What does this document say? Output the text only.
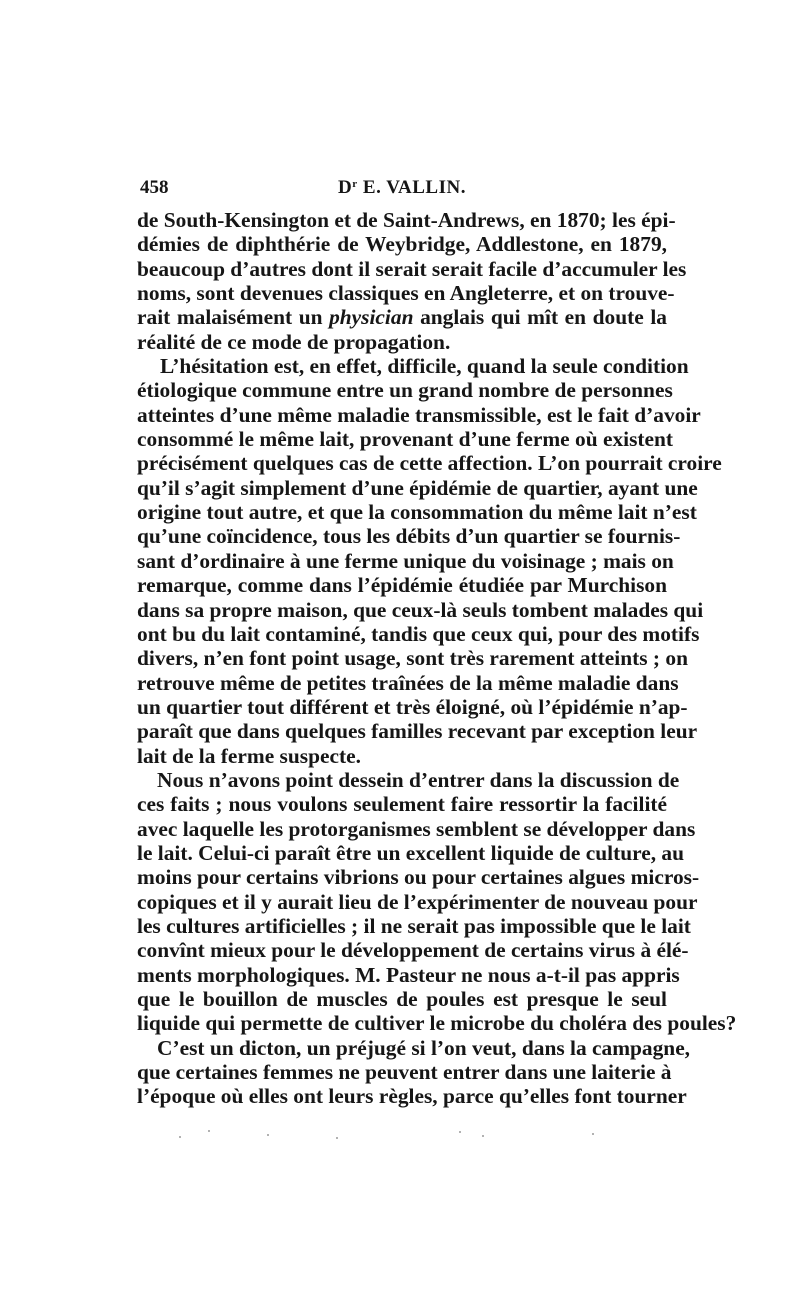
458	$D^r$ E. VALLIN.
de South-Kensington et de Saint-Andrews, en 1870; les épi-
démies de diphthérie de Weybridge, Addlestone, en 1879,
beaucoup d’autres dont il serait serait facile d’accumuler les
noms, sont devenues classiques en Angleterre, et on trouve-
rait malaisément un physician anglais qui mît en doute la
réalité de ce mode de propagation.
L’hésitation est, en effet, difficile, quand la seule condition
étiologique commune entre un grand nombre de personnes
atteintes d’une même maladie transmissible, est le fait d’avoir
consommé le même lait, provenant d’une ferme où existent
précisément quelques cas de cette affection. L’on pourrait croire
qu’il s’agit simplement d’une épidémie de quartier, ayant une
origine tout autre, et que la consommation du même lait n’est
qu’une coïncidence, tous les débits d’un quartier se fournis-
sant d’ordinaire à une ferme unique du voisinage ; mais on
remarque, comme dans l’épidémie étudiée par Murchison
dans sa propre maison, que ceux-là seuls tombent malades qui
ont bu du lait contaminé, tandis que ceux qui, pour des motifs
divers, n’en font point usage, sont très rarement atteints ; on
retrouve même de petites traînées de la même maladie dans
un quartier tout différent et très éloigné, où l’épidémie n’ap-
paraît que dans quelques familles recevant par exception leur
lait de la ferme suspecte.
Nous n’avons point dessein d’entrer dans la discussion de
ces faits ; nous voulons seulement faire ressortir la facilité
avec laquelle les protorganismes semblent se développer dans
le lait. Celui-ci paraît être un excellent liquide de culture, au
moins pour certains vibrions ou pour certaines algues micros-
copiques et il y aurait lieu de l’expérimenter de nouveau pour
les cultures artificielles ; il ne serait pas impossible que le lait
convînt mieux pour le développement de certains virus à élé-
ments morphologiques. M. Pasteur ne nous a-t-il pas appris
que le bouillon de muscles de poules est presque le seul
liquide qui permette de cultiver le microbe du choléra des poules?
C’est un dicton, un préjugé si l’on veut, dans la campagne,
que certaines femmes ne peuvent entrer dans une laiterie à
l’époque où elles ont leurs règles, parce qu’elles font tourner
